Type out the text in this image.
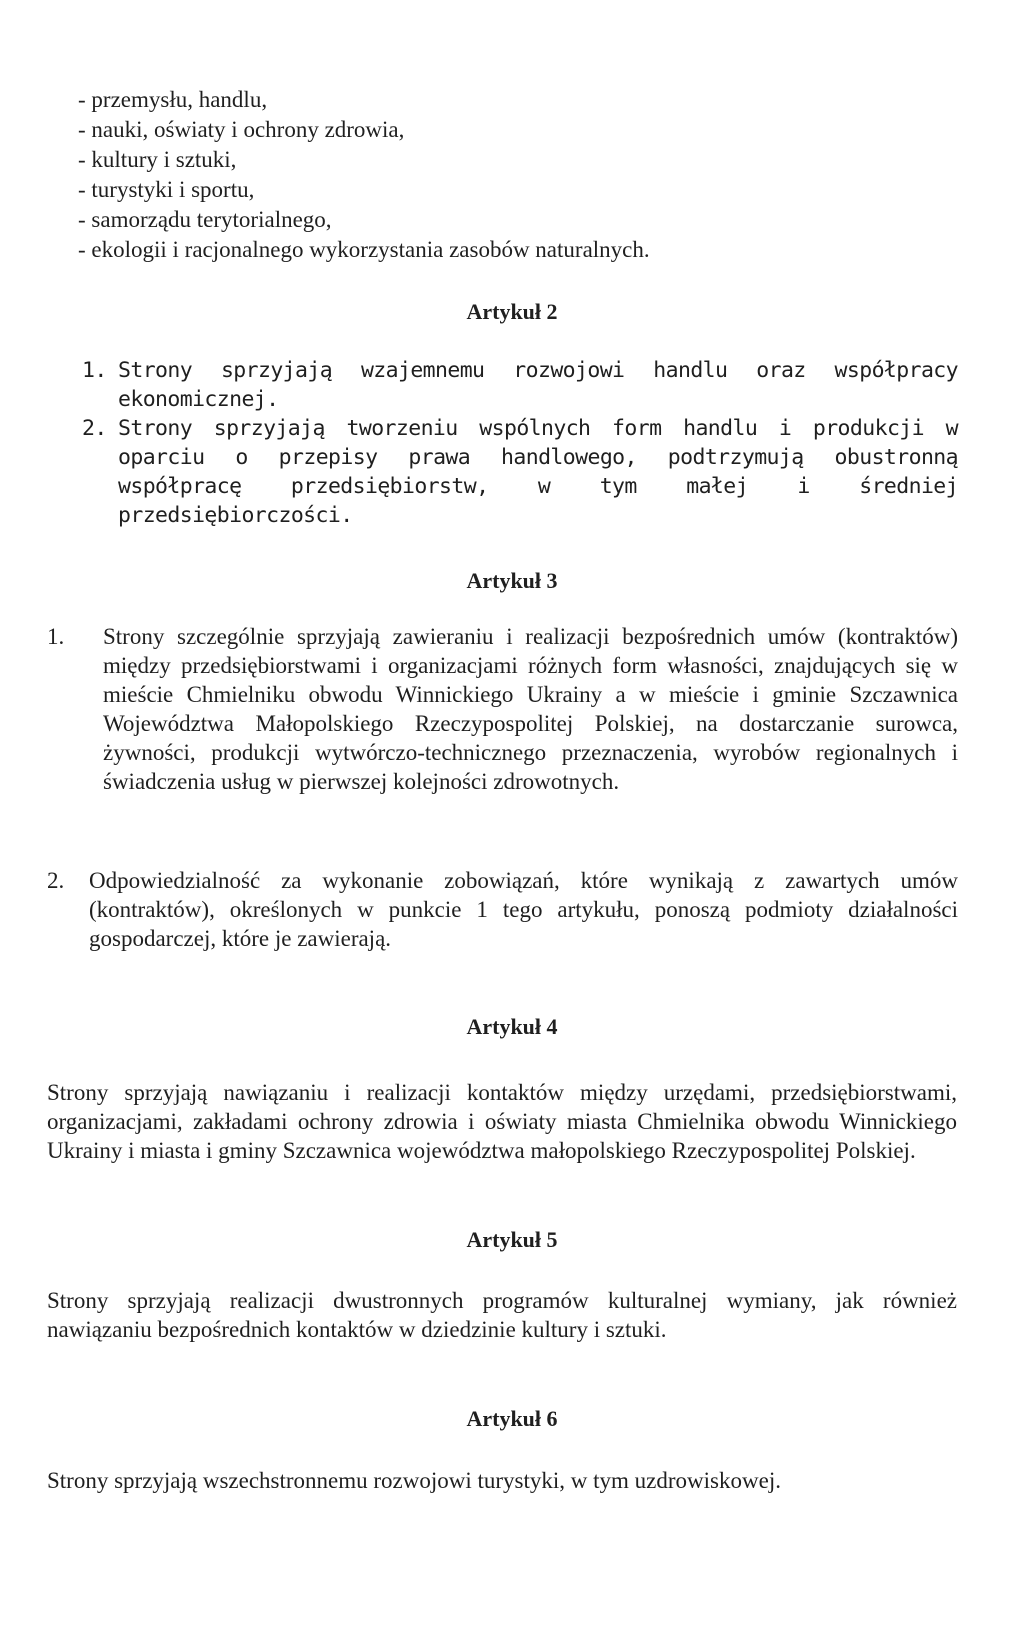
- przemysłu, handlu,
- nauki, oświaty i ochrony zdrowia,
- kultury i sztuki,
- turystyki i sportu,
- samorządu terytorialnego,
- ekologii i racjonalnego wykorzystania zasobów naturalnych.
Artykuł 2
1. Strony sprzyjają wzajemnemu rozwojowi handlu oraz współpracy ekonomicznej.
2. Strony sprzyjają tworzeniu wspólnych form handlu i produkcji w oparciu o przepisy prawa handlowego, podtrzymują obustronną współpracę przedsiębiorstw, w tym małej i średniej przedsiębiorczości.
Artykuł 3
1.	Strony szczególnie sprzyjają zawieraniu i realizacji bezpośrednich umów (kontraktów) między przedsiębiorstwami i organizacjami różnych form własności, znajdujących się w mieście Chmielniku obwodu Winnickiego Ukrainy a w mieście i gminie Szczawnica Województwa Małopolskiego Rzeczypospolitej Polskiej, na dostarczanie surowca, żywności, produkcji wytwórczo-technicznego przeznaczenia, wyrobów regionalnych i świadczenia usług w pierwszej kolejności zdrowotnych.
2.	Odpowiedzialność za wykonanie zobowiązań, które wynikają z zawartych umów (kontraktów), określonych w punkcie 1 tego artykułu, ponoszą podmioty działalności gospodarczej, które je zawierają.
Artykuł 4
Strony sprzyjają nawiązaniu i realizacji kontaktów między urzędami, przedsiębiorstwami, organizacjami, zakładami ochrony zdrowia i oświaty miasta Chmielnika obwodu Winnickiego Ukrainy i miasta i gminy Szczawnica województwa małopolskiego Rzeczypospolitej Polskiej.
Artykuł 5
Strony sprzyjają realizacji dwustronnych programów kulturalnej wymiany, jak również nawiązaniu bezpośrednich kontaktów w dziedzinie kultury i sztuki.
Artykuł 6
Strony sprzyjają wszechstronnemu rozwojowi turystyki, w tym uzdrowiskowej.
